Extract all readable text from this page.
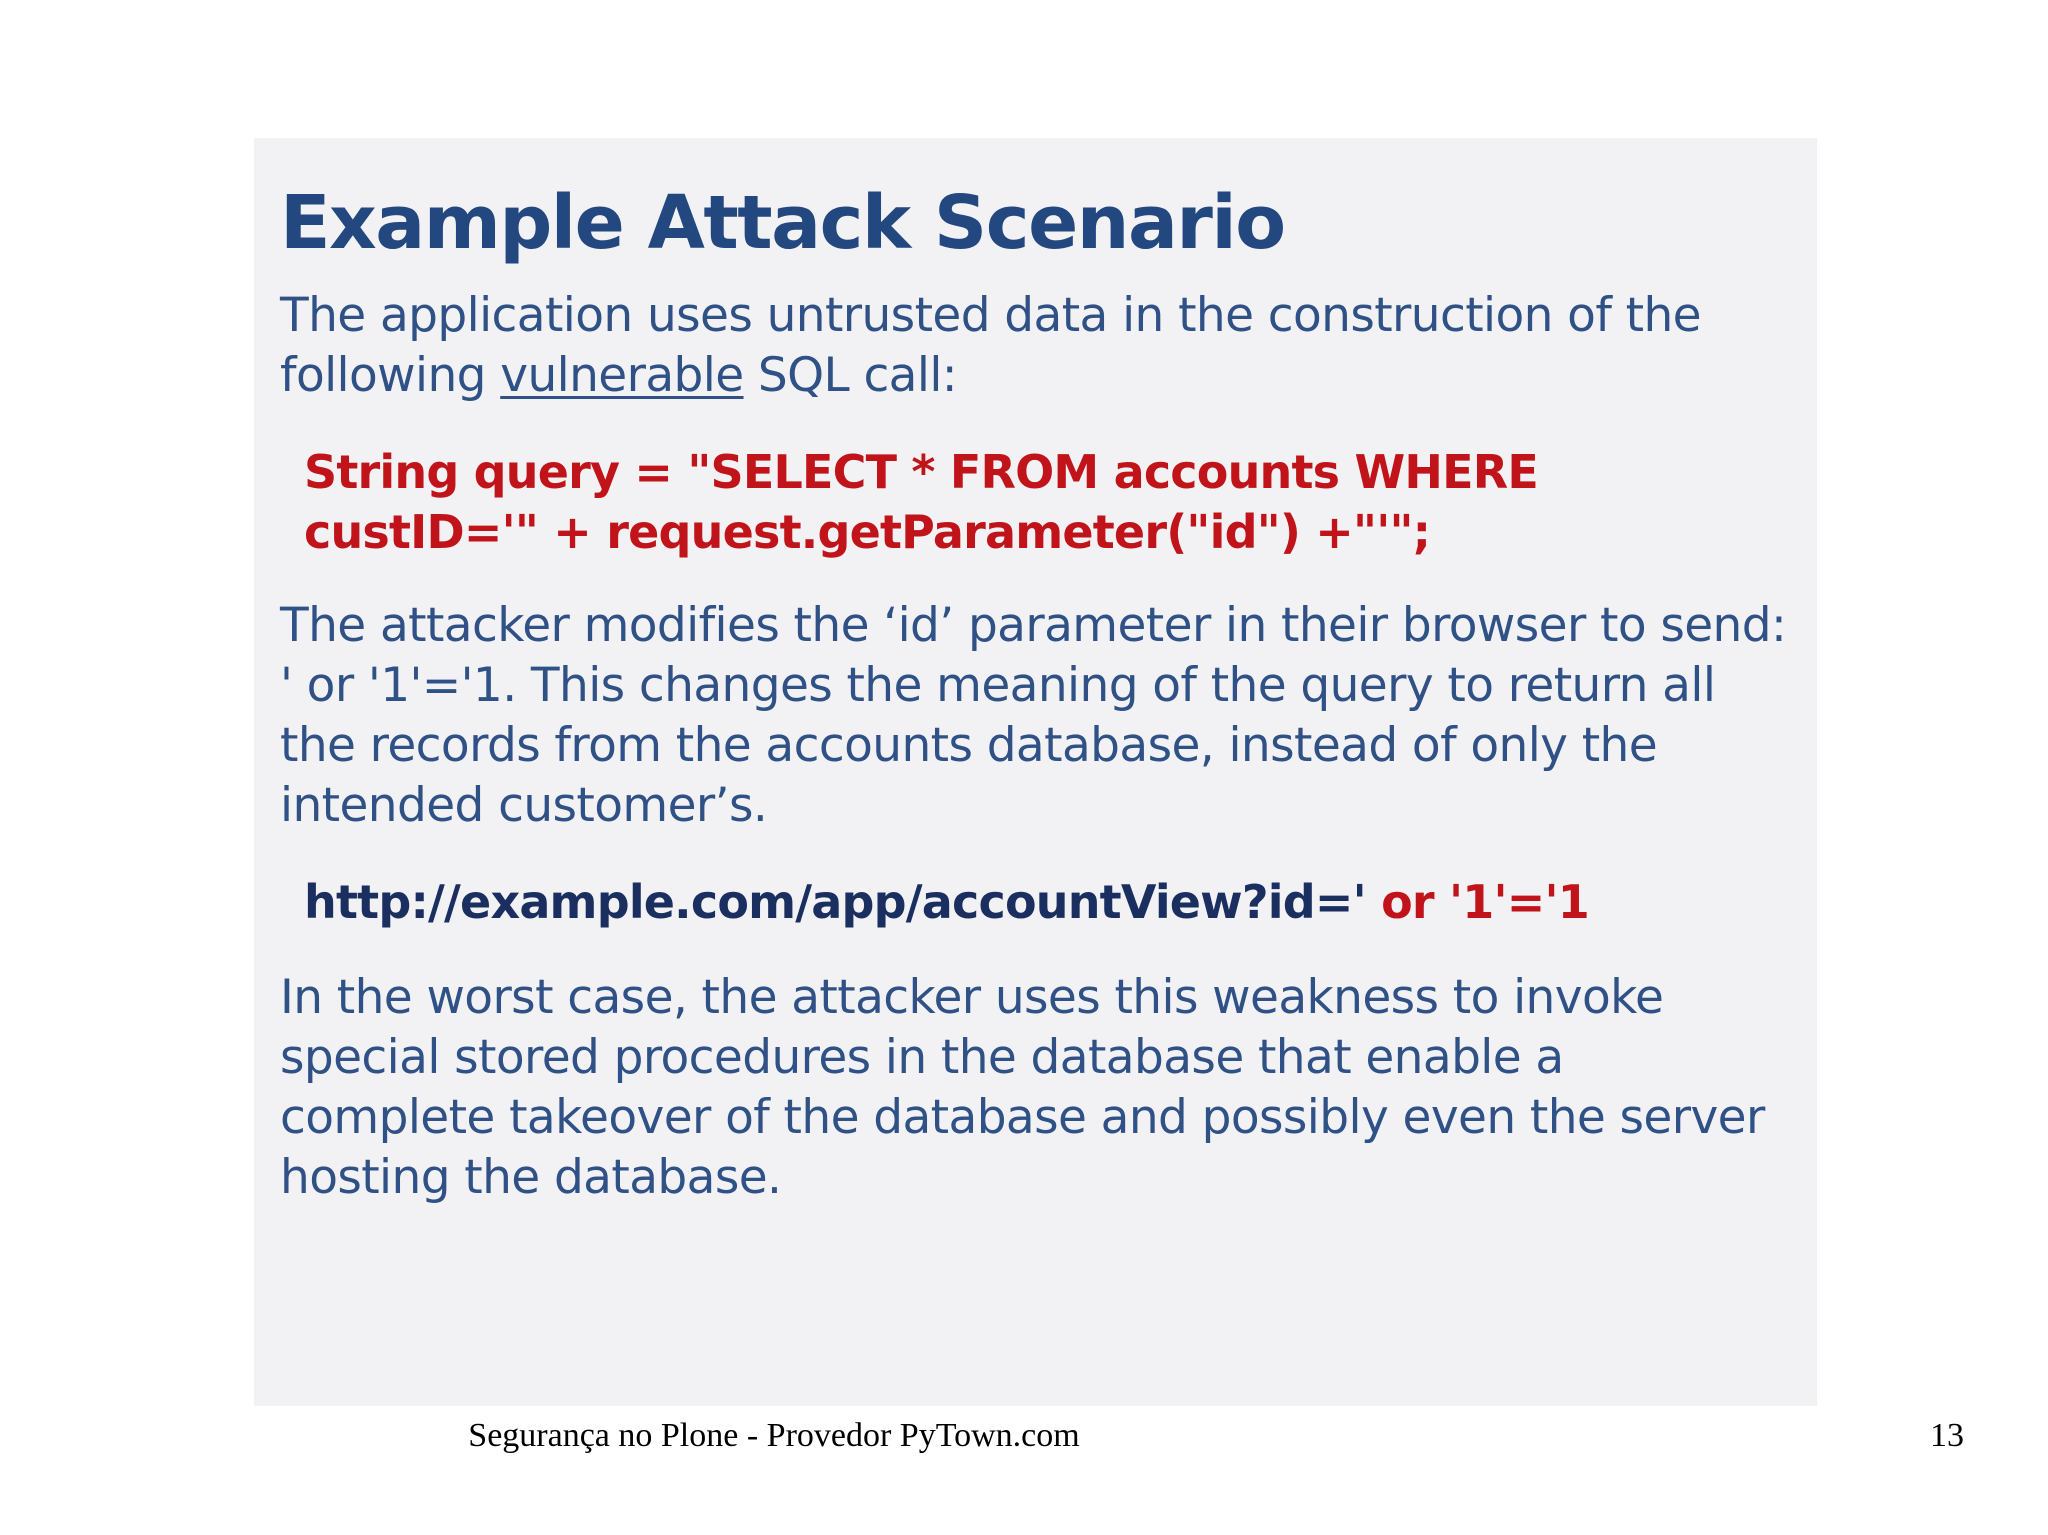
Example Attack Scenario

The application uses untrusted data in the construction of the following vulnerable SQL call:

String query = "SELECT * FROM accounts WHERE
custID='" + request.getParameter("id") +"'";

The attacker modifies the ‘id’ parameter in their browser to send: ' or '1'='1. This changes the meaning of the query to return all the records from the accounts database, instead of only the intended customer’s.

http://example.com/app/accountView?id=' or '1'='1

In the worst case, the attacker uses this weakness to invoke special stored procedures in the database that enable a complete takeover of the database and possibly even the server hosting the database.

Segurança no Plone - Provedor PyTown.com	13
